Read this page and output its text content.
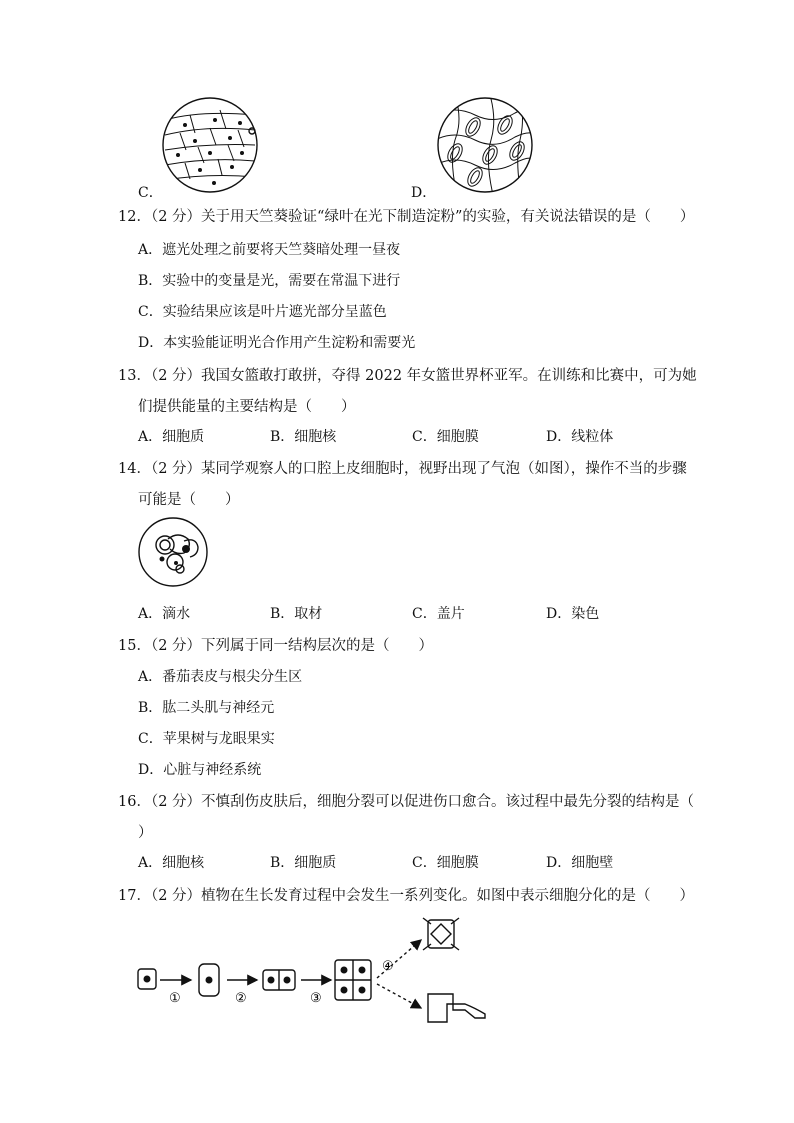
C．	D．
12．（2 分）关于用天竺葵验证“绿叶在光下制造淀粉”的实验，有关说法错误的是（　　）
A．遮光处理之前要将天竺葵暗处理一昼夜
B．实验中的变量是光，需要在常温下进行
C．实验结果应该是叶片遮光部分呈蓝色
D．本实验能证明光合作用产生淀粉和需要光
13．（2 分）我国女篮敢打敢拼，夺得 2022 年女篮世界杯亚军。在训练和比赛中，可为她
们提供能量的主要结构是（　　）
A．细胞质	B．细胞核	C．细胞膜	D．线粒体
14．（2 分）某同学观察人的口腔上皮细胞时，视野出现了气泡（如图），操作不当的步骤
可能是（　　）
A．滴水	B．取材	C．盖片	D．染色
15．（2 分）下列属于同一结构层次的是（　　）
A．番茄表皮与根尖分生区
B．肱二头肌与神经元
C．苹果树与龙眼果实
D．心脏与神经系统
16．（2 分）不慎刮伤皮肤后，细胞分裂可以促进伤口愈合。该过程中最先分裂的结构是（
）
A．细胞核	B．细胞质	C．细胞膜	D．细胞壁
17．（2 分）植物在生长发育过程中会发生一系列变化。如图中表示细胞分化的是（　　）
①	②	③
④
